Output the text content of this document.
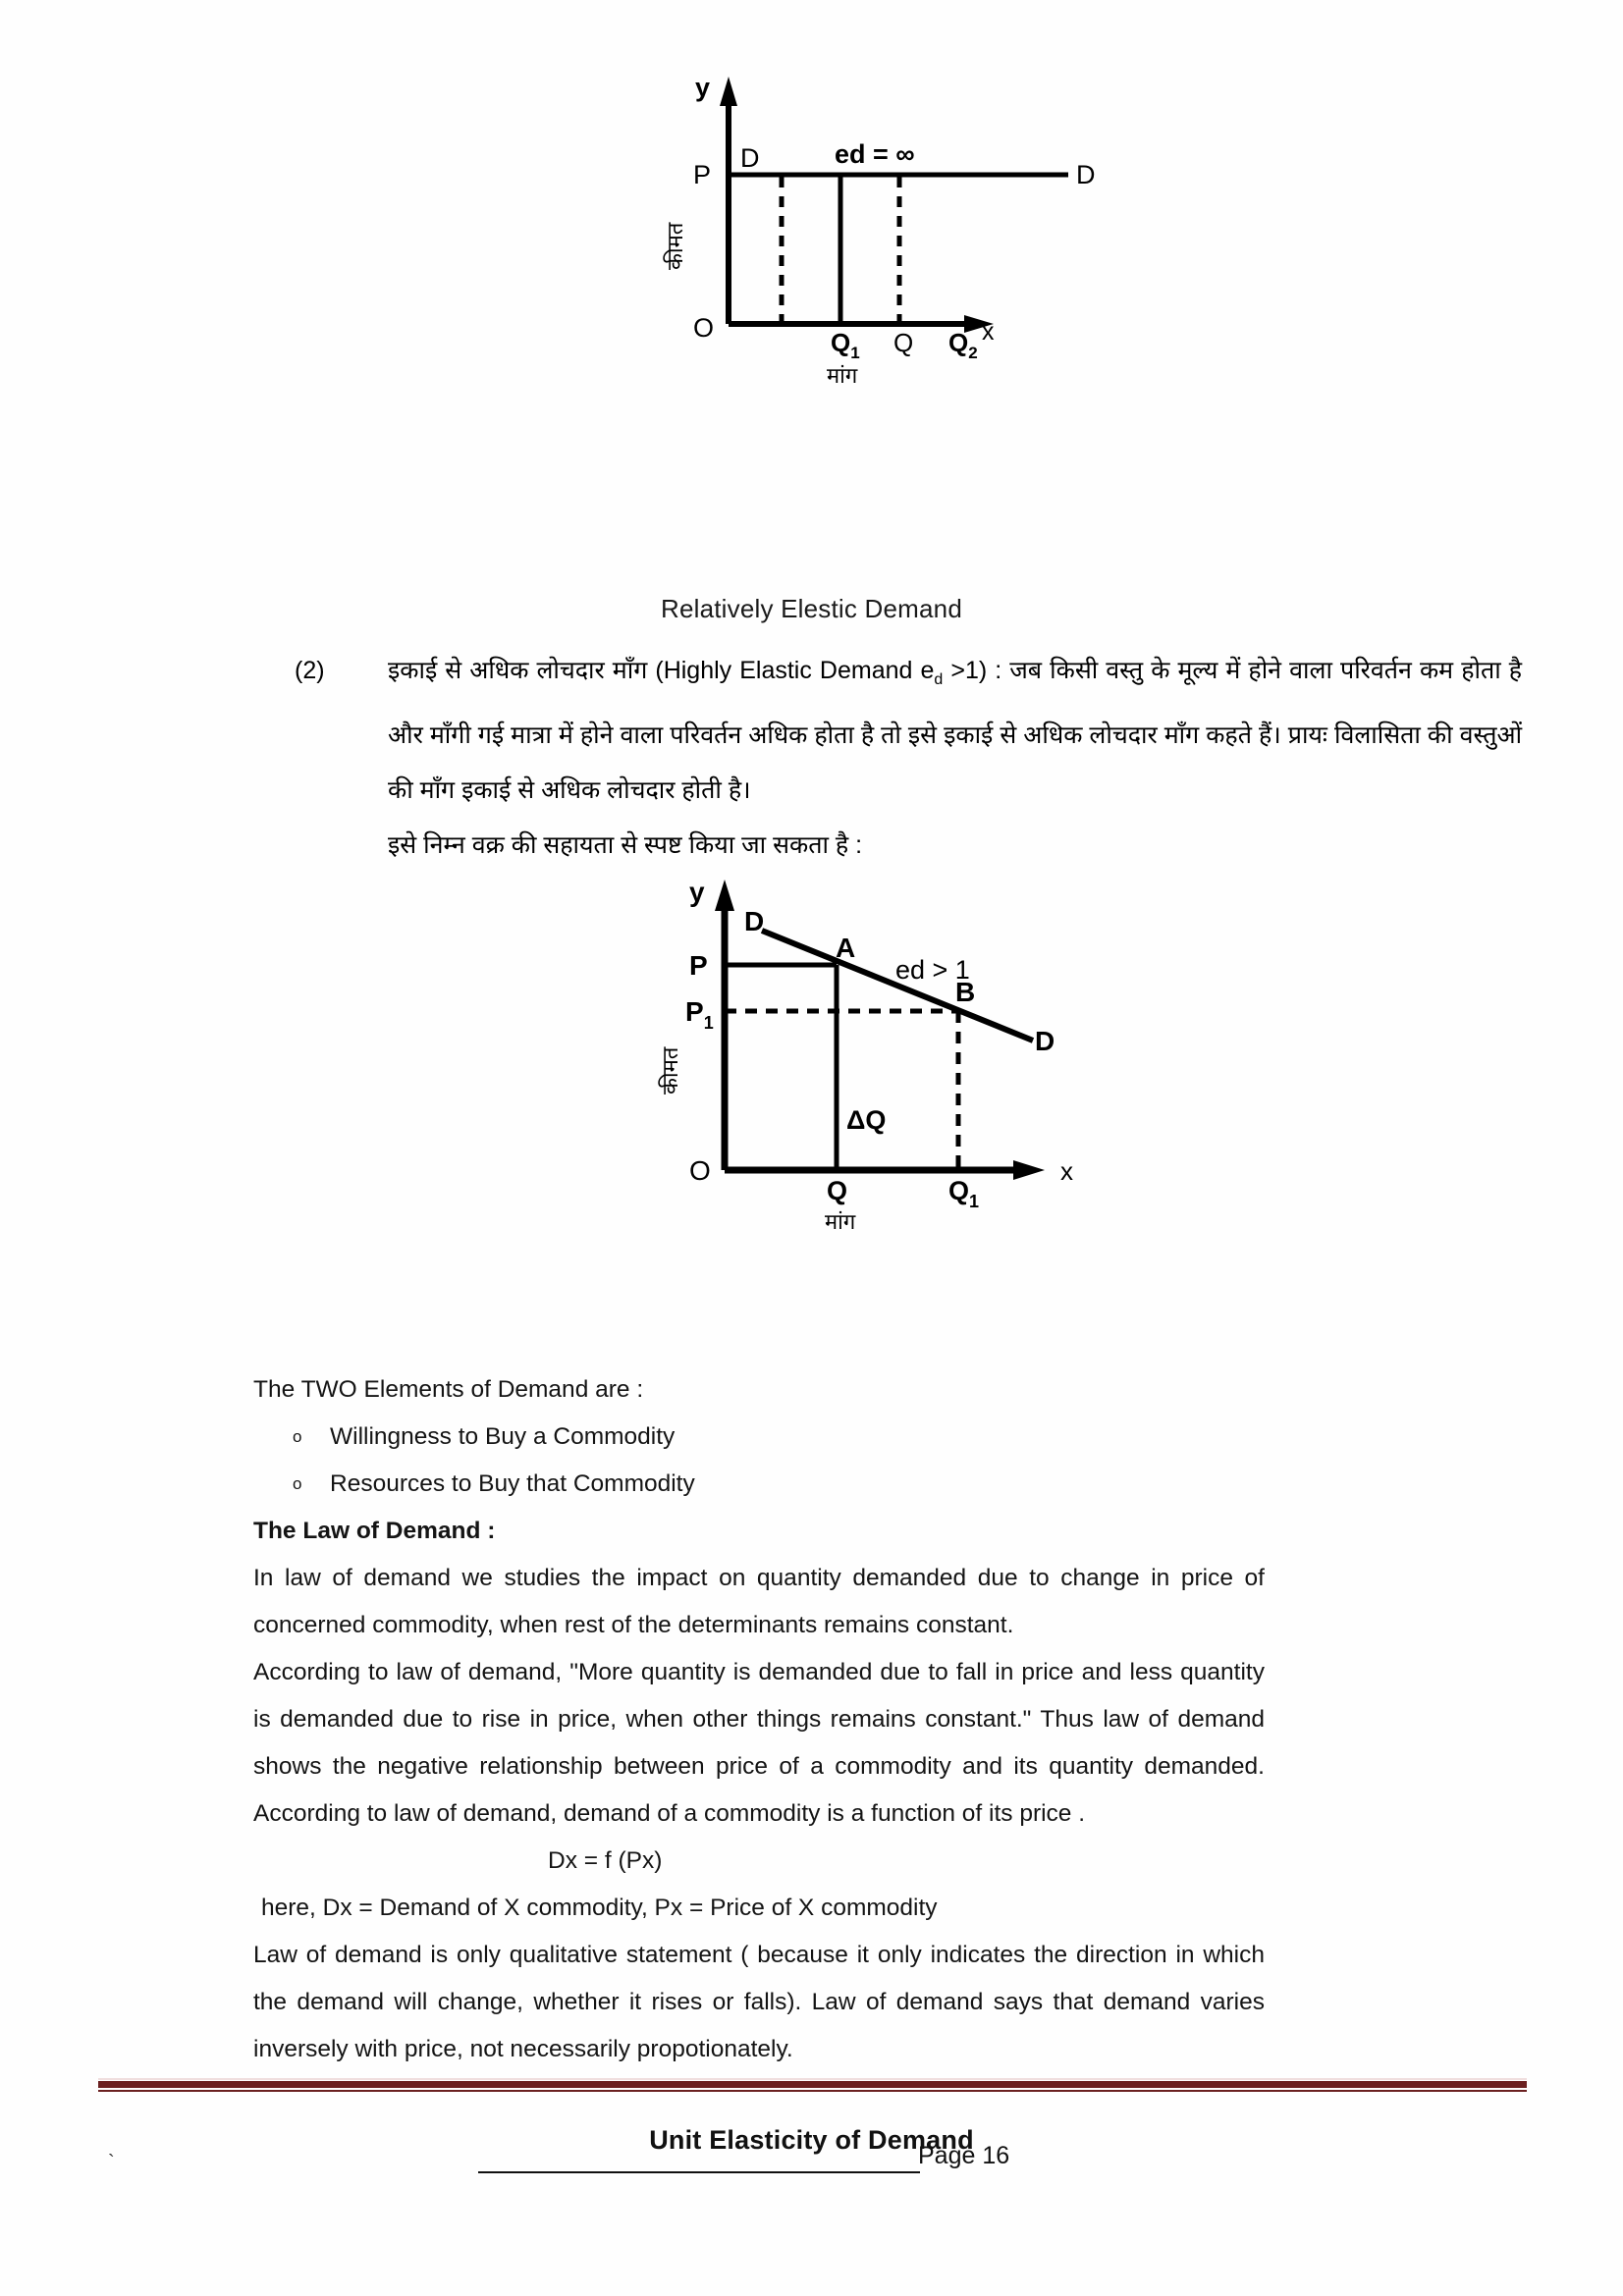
y
x
P
O
D
D
ed = ∞
कीमत
$Q_1$ Q $Q_2$
मांग
Relatively Elestic Demand
(2)	इकाई से अधिक लोचदार माँग (Highly Elastic Demand $e_d >1$) : जब किसी वस्तु के मूल्य में होने वाला परिवर्तन कम होता है और माँगी गई मात्रा में होने वाला परिवर्तन अधिक होता है तो इसे इकाई से अधिक लोचदार माँग कहते हैं। प्रायः विलासिता की वस्तुओं की माँग इकाई से अधिक लोचदार होती है।
इसे निम्न वक्र की सहायता से स्पष्ट किया जा सकता है :
y
x
D
D
A
B
P
$P_1$
ed > 1
O
कीमत
ΔQ
Q	$Q_1$
मांग
Unit Elasticity of Demand

The TWO Elements of Demand are :

o Willingness to Buy a Commodity
o Resources to Buy that Commodity

The Law of Demand :

In law of demand we studies the impact on quantity demanded due to change in price of concerned commodity, when rest of the determinants remains constant.

According to law of demand, "More quantity is demanded due to fall in price and less quantity is demanded due to rise in price, when other things remains constant." Thus law of demand shows the negative relationship between price of a commodity and its quantity demanded. According to law of demand, demand of a commodity is a function of its price .

Dx = f (Px)

here, Dx = Demand of X commodity, Px = Price of X commodity

Law of demand is only qualitative statement ( because it only indicates the direction in which the demand will change, whether it rises or falls). Law of demand says that demand varies inversely with price, not necessarily propotionately.

`	Page 16
